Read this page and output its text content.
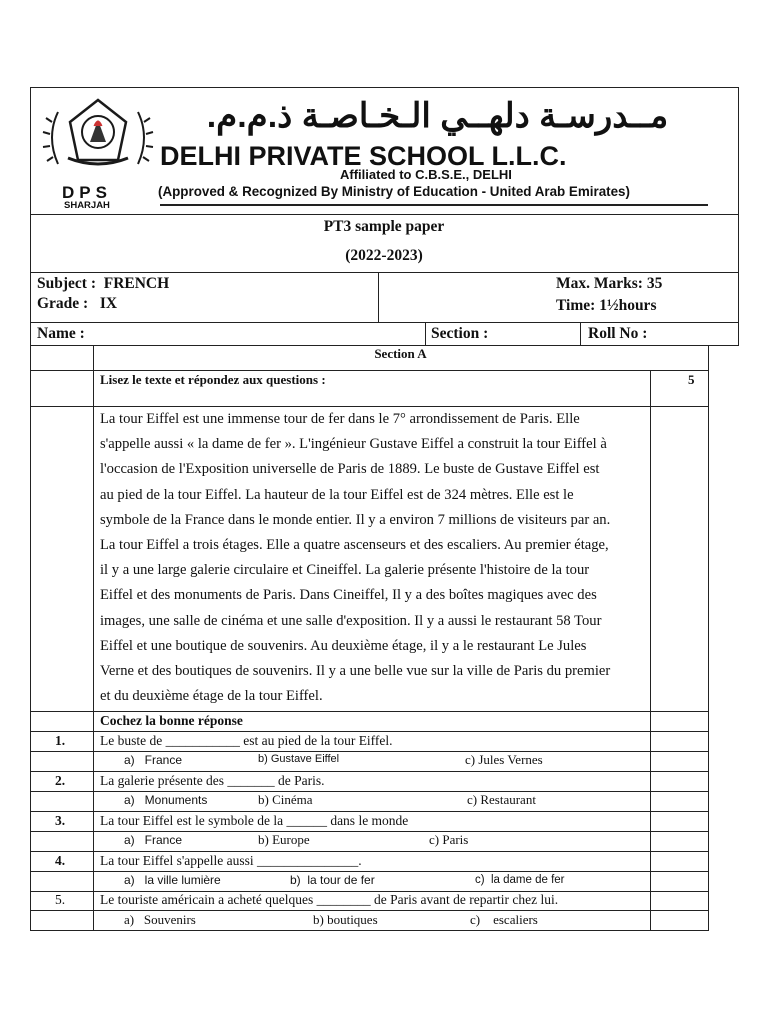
DPS
SHARJAH
مــدرسـة دلهــي الـخـاصـة ذ.م.م.
DELHI PRIVATE SCHOOL L.L.C.
Affiliated to C.B.S.E., DELHI
(Approved & Recognized By Ministry of Education - United Arab Emirates)
PT3 sample paper
(2022-2023)
Subject :  FRENCH
Grade :   IX
Max. Marks: 35
Time: 1½hours
Name :	Section :	Roll No :
Section A
Lisez le texte et répondez aux questions :	5
La tour Eiffel est une immense tour de fer dans le 7° arrondissement de Paris. Elle
s'appelle aussi « la dame de fer ». L'ingénieur Gustave Eiffel a construit la tour Eiffel à
l'occasion de l'Exposition universelle de Paris de 1889. Le buste de Gustave Eiffel est
au pied de la tour Eiffel. La hauteur de la tour Eiffel est de 324 mètres. Elle est le
symbole de la France dans le monde entier. Il y a environ 7 millions de visiteurs par an.
La tour Eiffel a trois étages. Elle a quatre ascenseurs et des escaliers. Au premier étage,
il y a une large galerie circulaire et Cineiffel. La galerie présente l'histoire de la tour
Eiffel et des monuments de Paris. Dans Cineiffel, Il y a des boîtes magiques avec des
images, une salle de cinéma et une salle d'exposition. Il y a aussi le restaurant 58 Tour
Eiffel et une boutique de souvenirs. Au deuxième étage, il y a le restaurant Le Jules
Verne et des boutiques de souvenirs. Il y a une belle vue sur la ville de Paris du premier
et du deuxième étage de la tour Eiffel.
Cochez la bonne réponse
1.	Le buste de ___________ est au pied de la tour Eiffel.
a)   France	b) Gustave Eiffel	c) Jules Vernes
2.	La galerie présente des _______ de Paris.
a)   Monuments	b) Cinéma	c) Restaurant
3.	La tour Eiffel est le symbole de la ______ dans le monde
a)   France	b) Europe	c) Paris
4.	La tour Eiffel s'appelle aussi _______________.
a)   la ville lumière	b)  la tour de fer	c)  la dame de fer
5.	Le touriste américain a acheté quelques ________ de Paris avant de repartir chez lui.
a)   Souvenirs	b) boutiques	c)    escaliers
